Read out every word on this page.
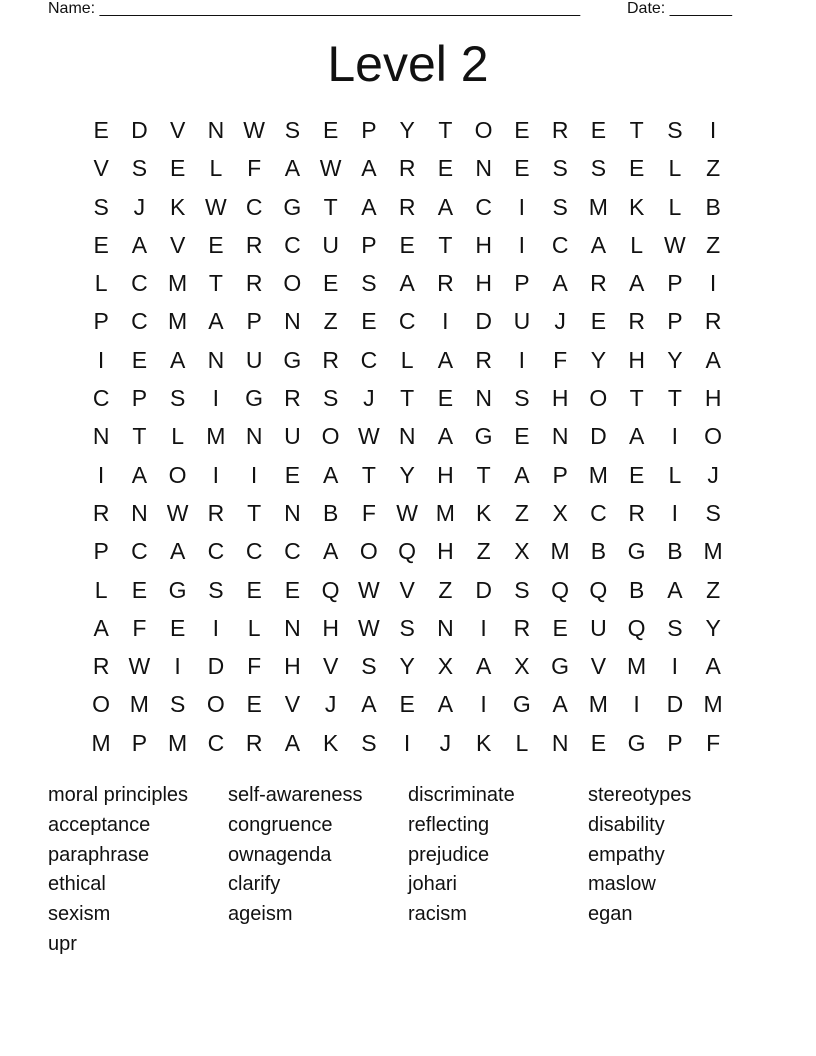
Name: ______________________________________________________	Date: _______
Level 2
E D V N W S E P Y	T O E R E	T	S	I
V S E	L	F	A W A R E N E S S E	L	Z
S	J	K W C G T	A R A C	I	S M K	L	B
E A V E R C U P E	T H	I	C A	L W Z
L	C M T R O E S A R H P A R A P	I
P C M A P N Z	E C	I	D U	J	E R P R
I	E A N U G R C	L	A R	I	F	Y H Y A
C P S	I	G R S	J	T	E N S H O T	T H
N T	L M N U O W N A G E N D A	I	O
I	A O	I	I	E A	T	Y H T	A P M E	L	J
R N W R T N B	F W M K	Z	X C R	I	S
P C A C C C A O Q H Z	X M B G B M
L	E G S E E Q W V	Z D S Q Q B A	Z
A	F	E	I	L	N H W S N	I	R E U Q S Y
R W	I	D F H V S Y X A X G V M	I	A
O M S O E V	J	A E A	I	G A M	I	D M
M P M C R A K S	I	J	K	L	N E G P	F
moral principles	self-awareness	discriminate	stereotypes
acceptance	congruence	reflecting	disability
paraphrase	ownagenda	prejudice	empathy
ethical	clarify	johari	maslow
sexism	ageism	racism	egan
upr
